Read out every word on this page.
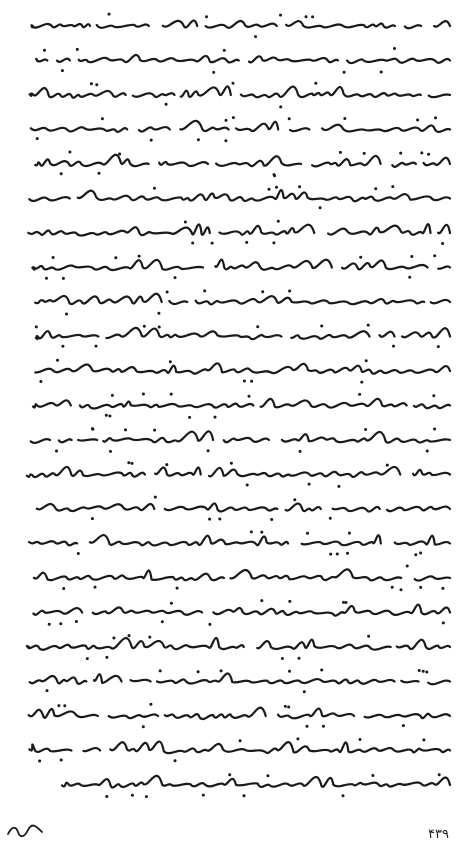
۴۳۹
